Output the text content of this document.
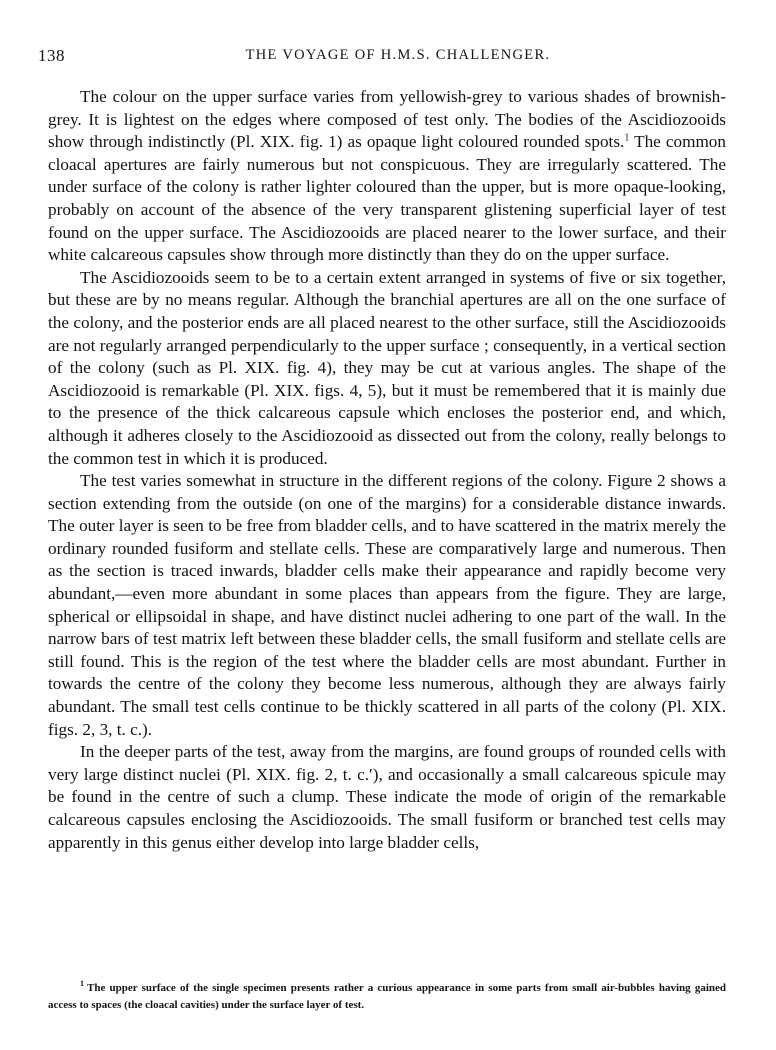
138	THE VOYAGE OF H.M.S. CHALLENGER.

The colour on the upper surface varies from yellowish-grey to various shades of brownish-grey. It is lightest on the edges where composed of test only. The bodies of the Ascidiozooids show through indistinctly (Pl. XIX. fig. 1) as opaque light coloured rounded spots.$^1$ The common cloacal apertures are fairly numerous but not conspicuous. They are irregularly scattered. The under surface of the colony is rather lighter coloured than the upper, but is more opaque-looking, probably on account of the absence of the very transparent glistening superficial layer of test found on the upper surface. The Ascidiozooids are placed nearer to the lower surface, and their white calcareous capsules show through more distinctly than they do on the upper surface.

The Ascidiozooids seem to be to a certain extent arranged in systems of five or six together, but these are by no means regular. Although the branchial apertures are all on the one surface of the colony, and the posterior ends are all placed nearest to the other surface, still the Ascidiozooids are not regularly arranged perpendicularly to the upper surface ; consequently, in a vertical section of the colony (such as Pl. XIX. fig. 4), they may be cut at various angles. The shape of the Ascidiozooid is remarkable (Pl. XIX. figs. 4, 5), but it must be remembered that it is mainly due to the presence of the thick calcareous capsule which encloses the posterior end, and which, although it adheres closely to the Ascidiozooid as dissected out from the colony, really belongs to the common test in which it is produced.

The test varies somewhat in structure in the different regions of the colony. Figure 2 shows a section extending from the outside (on one of the margins) for a considerable distance inwards. The outer layer is seen to be free from bladder cells, and to have scattered in the matrix merely the ordinary rounded fusiform and stellate cells. These are comparatively large and numerous. Then as the section is traced inwards, bladder cells make their appearance and rapidly become very abundant,—even more abundant in some places than appears from the figure. They are large, spherical or ellipsoidal in shape, and have distinct nuclei adhering to one part of the wall. In the narrow bars of test matrix left between these bladder cells, the small fusiform and stellate cells are still found. This is the region of the test where the bladder cells are most abundant. Further in towards the centre of the colony they become less numerous, although they are always fairly abundant. The small test cells continue to be thickly scattered in all parts of the colony (Pl. XIX. figs. 2, 3, t. c.).

In the deeper parts of the test, away from the margins, are found groups of rounded cells with very large distinct nuclei (Pl. XIX. fig. 2, t. c.′), and occasionally a small calcareous spicule may be found in the centre of such a clump. These indicate the mode of origin of the remarkable calcareous capsules enclosing the Ascidiozooids. The small fusiform or branched test cells may apparently in this genus either develop into large bladder cells,

$^1$ The upper surface of the single specimen presents rather a curious appearance in some parts from small air-bubbles having gained access to spaces (the cloacal cavities) under the surface layer of test.
